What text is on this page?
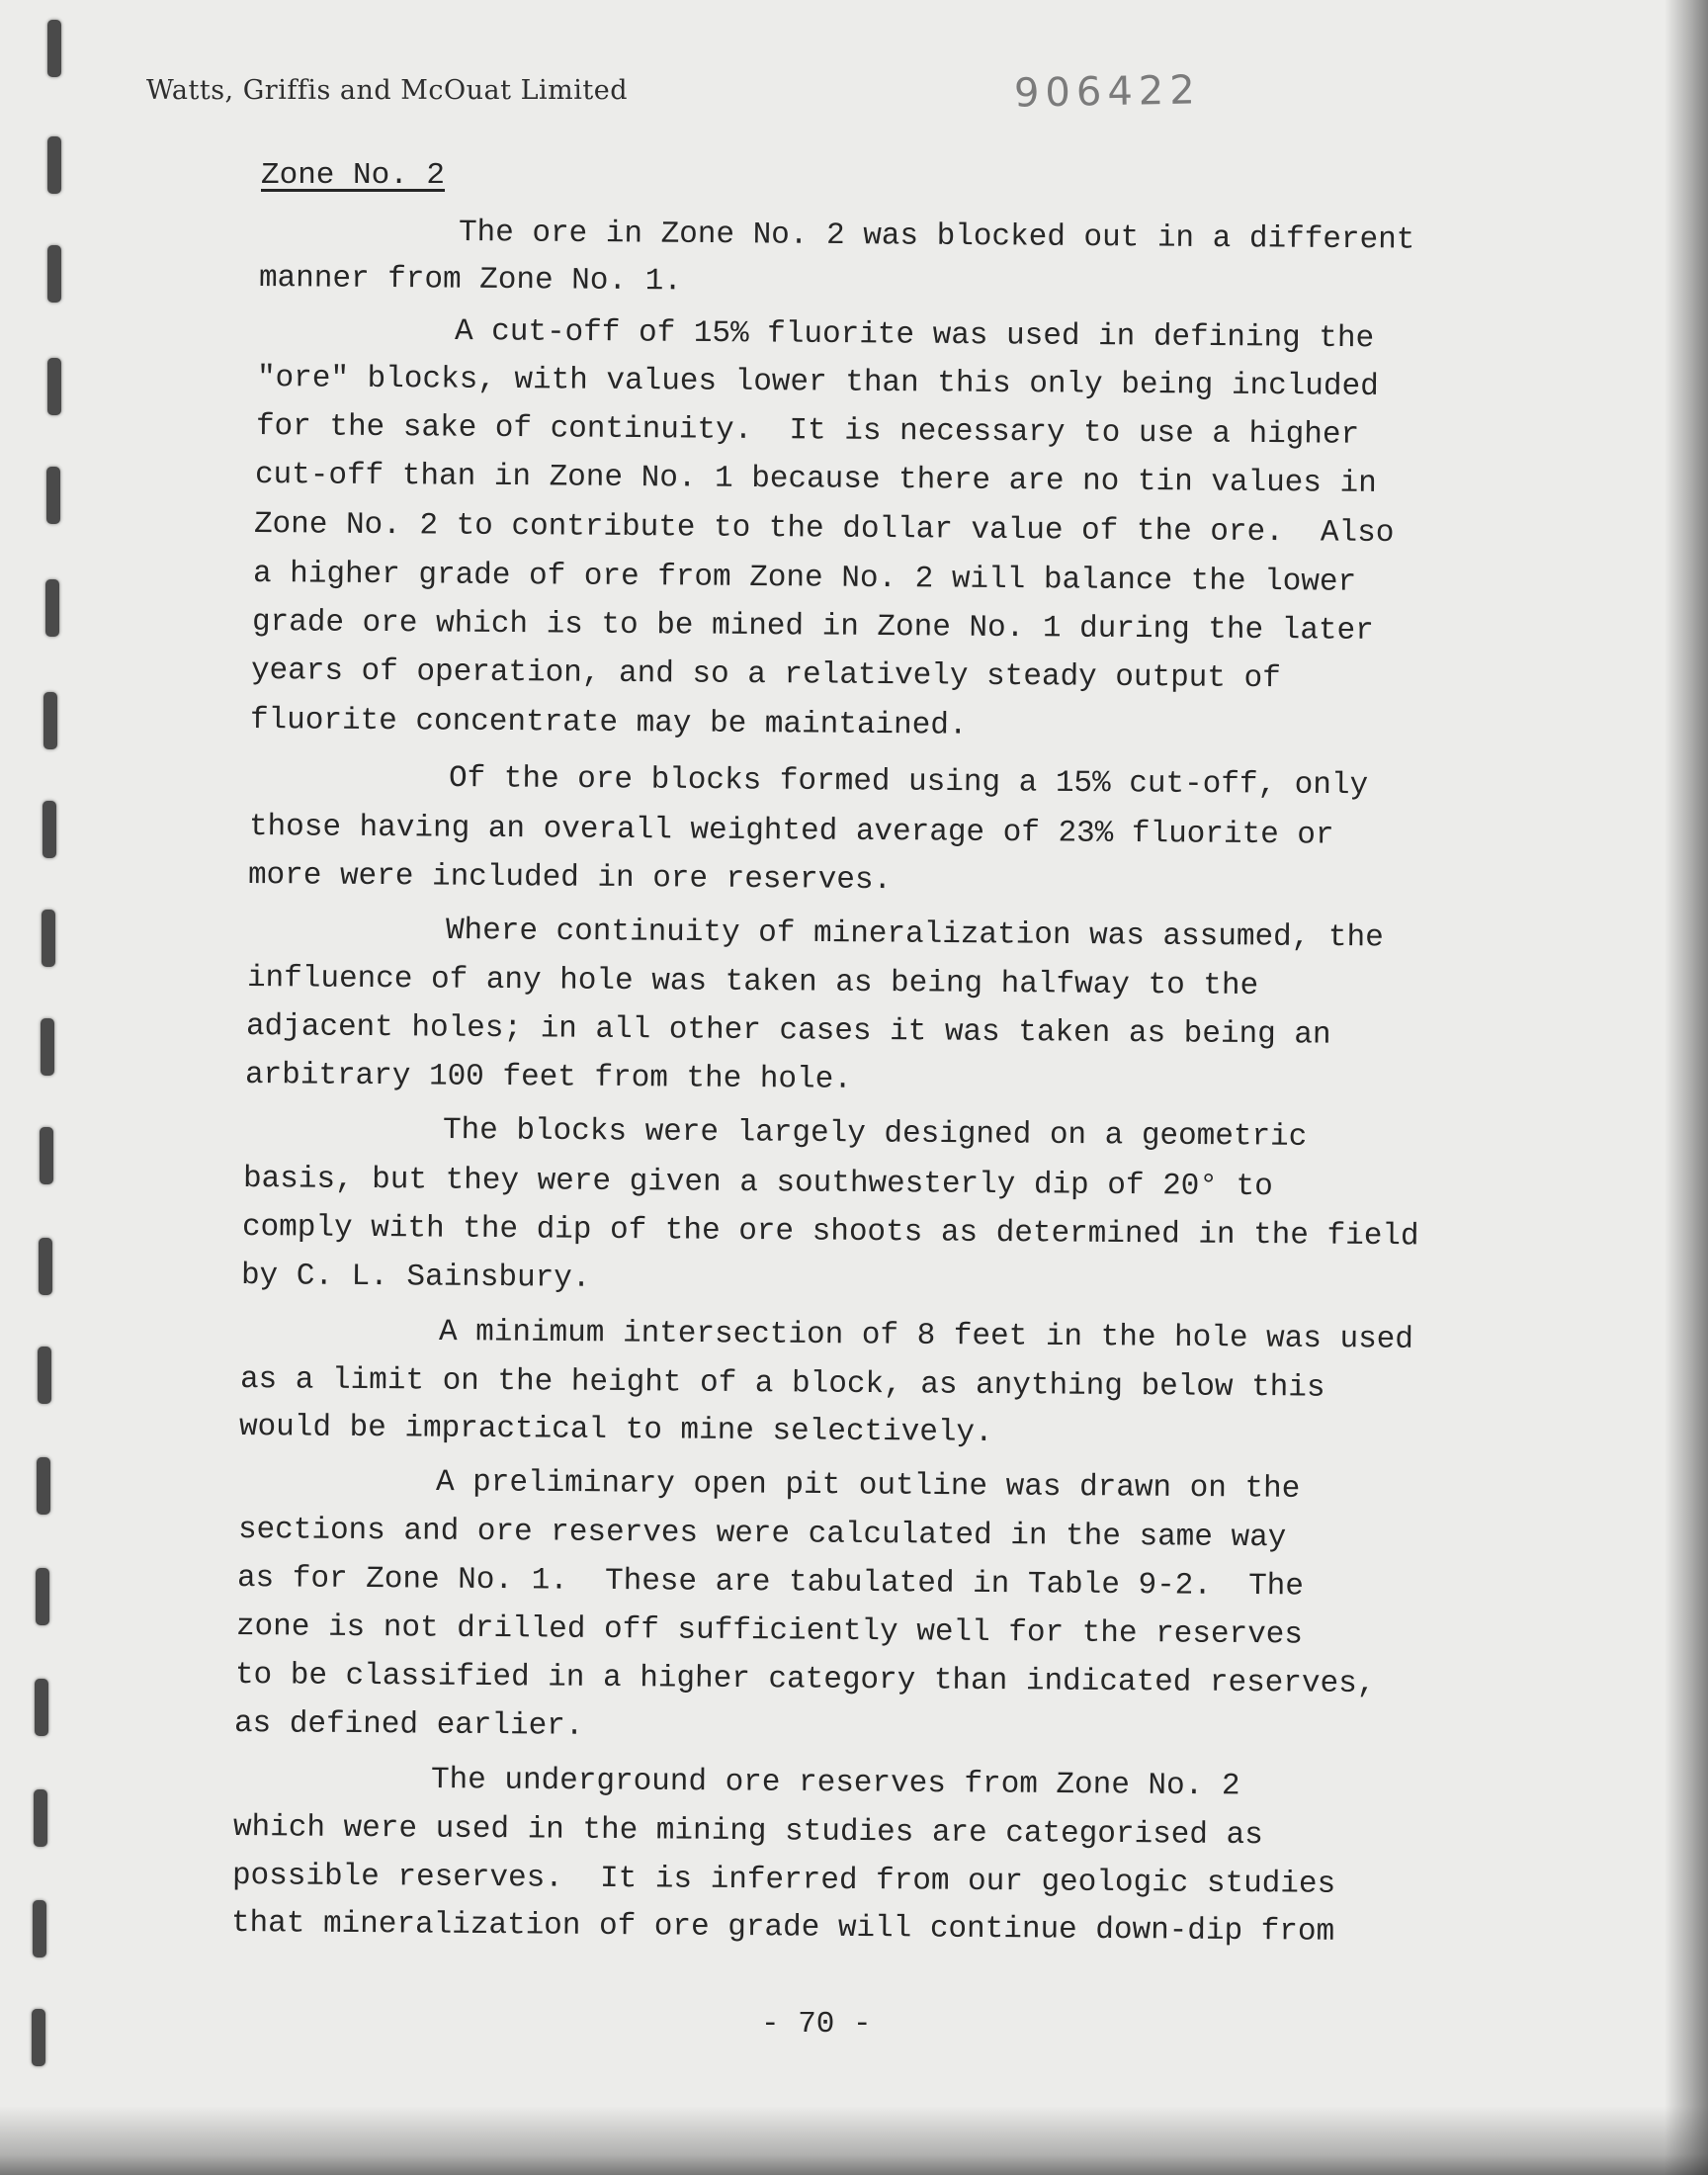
Watts, Griffis and McOuat Limited	906422
Zone No. 2
The ore in Zone No. 2 was blocked out in a different
manner from Zone No. 1.
A cut-off of 15% fluorite was used in defining the
"ore" blocks, with values lower than this only being included
for the sake of continuity.  It is necessary to use a higher
cut-off than in Zone No. 1 because there are no tin values in
Zone No. 2 to contribute to the dollar value of the ore.  Also
a higher grade of ore from Zone No. 2 will balance the lower
grade ore which is to be mined in Zone No. 1 during the later
years of operation, and so a relatively steady output of
fluorite concentrate may be maintained.
Of the ore blocks formed using a 15% cut-off, only
those having an overall weighted average of 23% fluorite or
more were included in ore reserves.
Where continuity of mineralization was assumed, the
influence of any hole was taken as being halfway to the
adjacent holes; in all other cases it was taken as being an
arbitrary 100 feet from the hole.
The blocks were largely designed on a geometric
basis, but they were given a southwesterly dip of 20° to
comply with the dip of the ore shoots as determined in the field
by C. L. Sainsbury.
A minimum intersection of 8 feet in the hole was used
as a limit on the height of a block, as anything below this
would be impractical to mine selectively.
A preliminary open pit outline was drawn on the
sections and ore reserves were calculated in the same way
as for Zone No. 1.  These are tabulated in Table 9-2.  The
zone is not drilled off sufficiently well for the reserves
to be classified in a higher category than indicated reserves,
as defined earlier.
The underground ore reserves from Zone No. 2
which were used in the mining studies are categorised as
possible reserves.  It is inferred from our geologic studies
that mineralization of ore grade will continue down-dip from
- 70 -
